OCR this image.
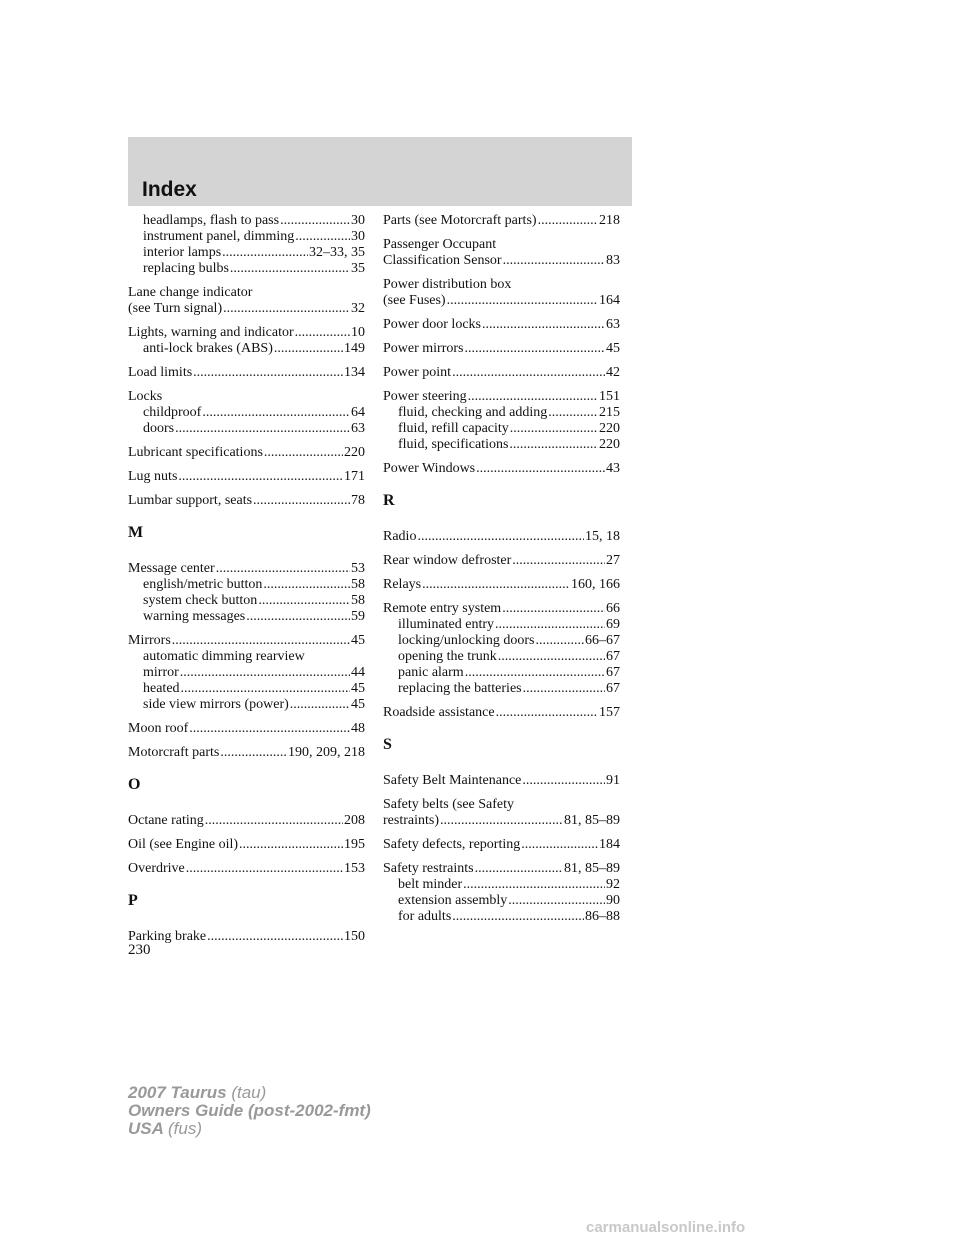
Index
headlamps, flash to pass .....	30
instrument panel, dimming .....	30
interior lamps .....	32–33, 35
replacing bulbs .....	35
Lane change indicator
(see Turn signal) .....	32
Lights, warning and indicator .....	10
anti-lock brakes (ABS) .....	149
Load limits .....	134
Locks
childproof .....	64
doors .....	63
Lubricant specifications .....	220
Lug nuts .....	171
Lumbar support, seats .....	78
M
Message center .....	53
english/metric button .....	58
system check button .....	58
warning messages .....	59
Mirrors .....	45
automatic dimming rearview
mirror .....	44
heated .....	45
side view mirrors (power) .....	45
Moon roof .....	48
Motorcraft parts .....	190, 209, 218
O
Octane rating .....	208
Oil (see Engine oil) .....	195
Overdrive .....	153
P
Parking brake .....	150
Parts (see Motorcraft parts) .....	218
Passenger Occupant
Classification Sensor .....	83
Power distribution box
(see Fuses) .....	164
Power door locks .....	63
Power mirrors .....	45
Power point .....	42
Power steering .....	151
fluid, checking and adding .....	215
fluid, refill capacity .....	220
fluid, specifications .....	220
Power Windows .....	43
R
Radio .....	15, 18
Rear window defroster .....	27
Relays .....	160, 166
Remote entry system .....	66
illuminated entry .....	69
locking/unlocking doors .....	66–67
opening the trunk .....	67
panic alarm .....	67
replacing the batteries .....	67
Roadside assistance .....	157
S
Safety Belt Maintenance .....	91
Safety belts (see Safety
restraints) .....	81, 85–89
Safety defects, reporting .....	184
Safety restraints .....	81, 85–89
belt minder .....	92
extension assembly .....	90
for adults .....	86–88
230
2007 Taurus (tau)
Owners Guide (post-2002-fmt)
USA (fus)
carmanualsonline.info
